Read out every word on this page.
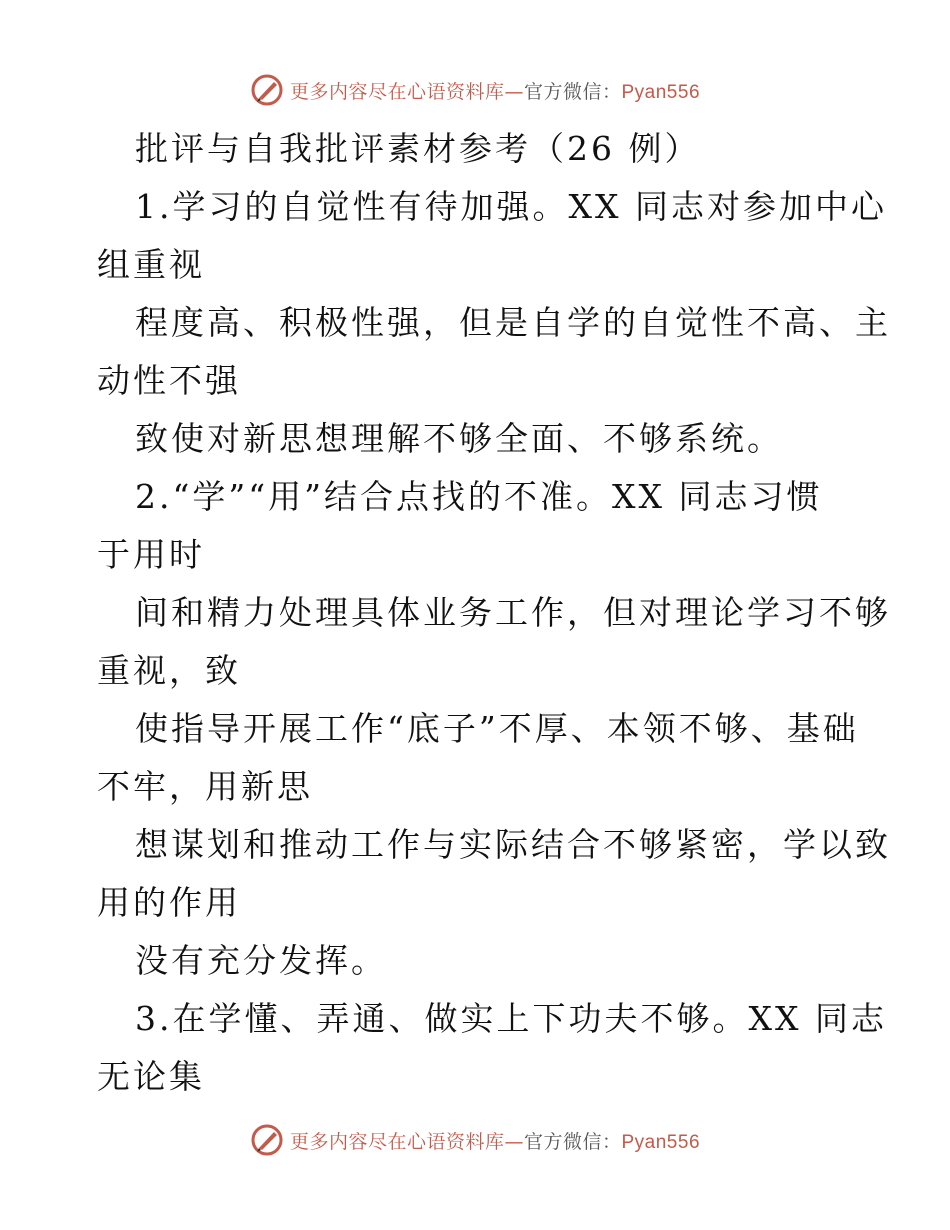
更多内容尽在心语资料库—官方微信：Pyan556
批评与自我批评素材参考（26 例）
1.学习的自觉性有待加强。XX 同志对参加中心
组重视
程度高、积极性强，但是自学的自觉性不高、主
动性不强
致使对新思想理解不够全面、不够系统。
2.“学”“用”结合点找的不准。XX 同志习惯
于用时
间和精力处理具体业务工作，但对理论学习不够
重视，致
使指导开展工作“底子”不厚、本领不够、基础
不牢，用新思
想谋划和推动工作与实际结合不够紧密，学以致
用的作用
没有充分发挥。
3.在学懂、弄通、做实上下功夫不够。XX 同志
无论集
更多内容尽在心语资料库—官方微信：Pyan556
